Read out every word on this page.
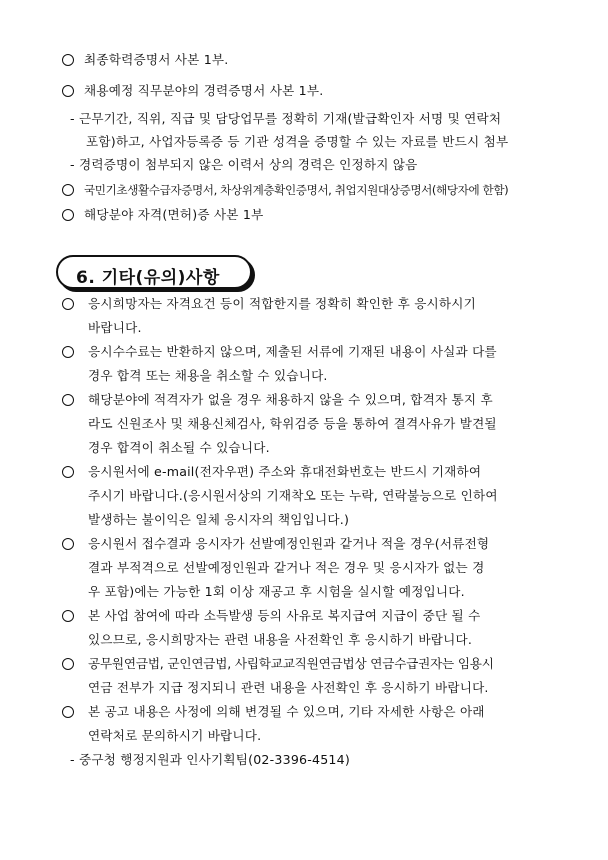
최종학력증명서 사본 1부.
채용예정 직무분야의 경력증명서 사본 1부.
- 근무기간, 직위, 직급 및 담당업무를 정확히 기재(발급확인자 서명 및 연락처
포함)하고, 사업자등록증 등 기관 성격을 증명할 수 있는 자료를 반드시 첨부
- 경력증명이 첨부되지 않은 이력서 상의 경력은 인정하지 않음
국민기초생활수급자증명서, 차상위계층확인증명서, 취업지원대상증명서(해당자에 한함)
해당분야 자격(면허)증 사본 1부
6. 기타(유의)사항
응시희망자는 자격요건 등이 적합한지를 정확히 확인한 후 응시하시기
바랍니다.
응시수수료는 반환하지 않으며, 제출된 서류에 기재된 내용이 사실과 다를
경우 합격 또는 채용을 취소할 수 있습니다.
해당분야에 적격자가 없을 경우 채용하지 않을 수 있으며, 합격자 통지 후
라도 신원조사 및 채용신체검사, 학위검증 등을 통하여 결격사유가 발견될
경우 합격이 취소될 수 있습니다.
응시원서에 e-mail(전자우편) 주소와 휴대전화번호는 반드시 기재하여
주시기 바랍니다.(응시원서상의 기재착오 또는 누락, 연락불능으로 인하여
발생하는 불이익은 일체 응시자의 책임입니다.)
응시원서 접수결과 응시자가 선발예정인원과 같거나 적을 경우(서류전형
결과 부적격으로 선발예정인원과 같거나 적은 경우 및 응시자가 없는 경
우 포함)에는 가능한 1회 이상 재공고 후 시험을 실시할 예정입니다.
본 사업 참여에 따라 소득발생 등의 사유로 복지급여 지급이 중단 될 수
있으므로, 응시희망자는 관련 내용을 사전확인 후 응시하기 바랍니다.
공무원연금법, 군인연금법, 사립학교교직원연금법상 연금수급권자는 임용시
연금 전부가 지급 정지되니 관련 내용을 사전확인 후 응시하기 바랍니다.
본 공고 내용은 사정에 의해 변경될 수 있으며, 기타 자세한 사항은 아래
연락처로 문의하시기 바랍니다.
- 중구청 행정지원과 인사기획팀(02-3396-4514)
